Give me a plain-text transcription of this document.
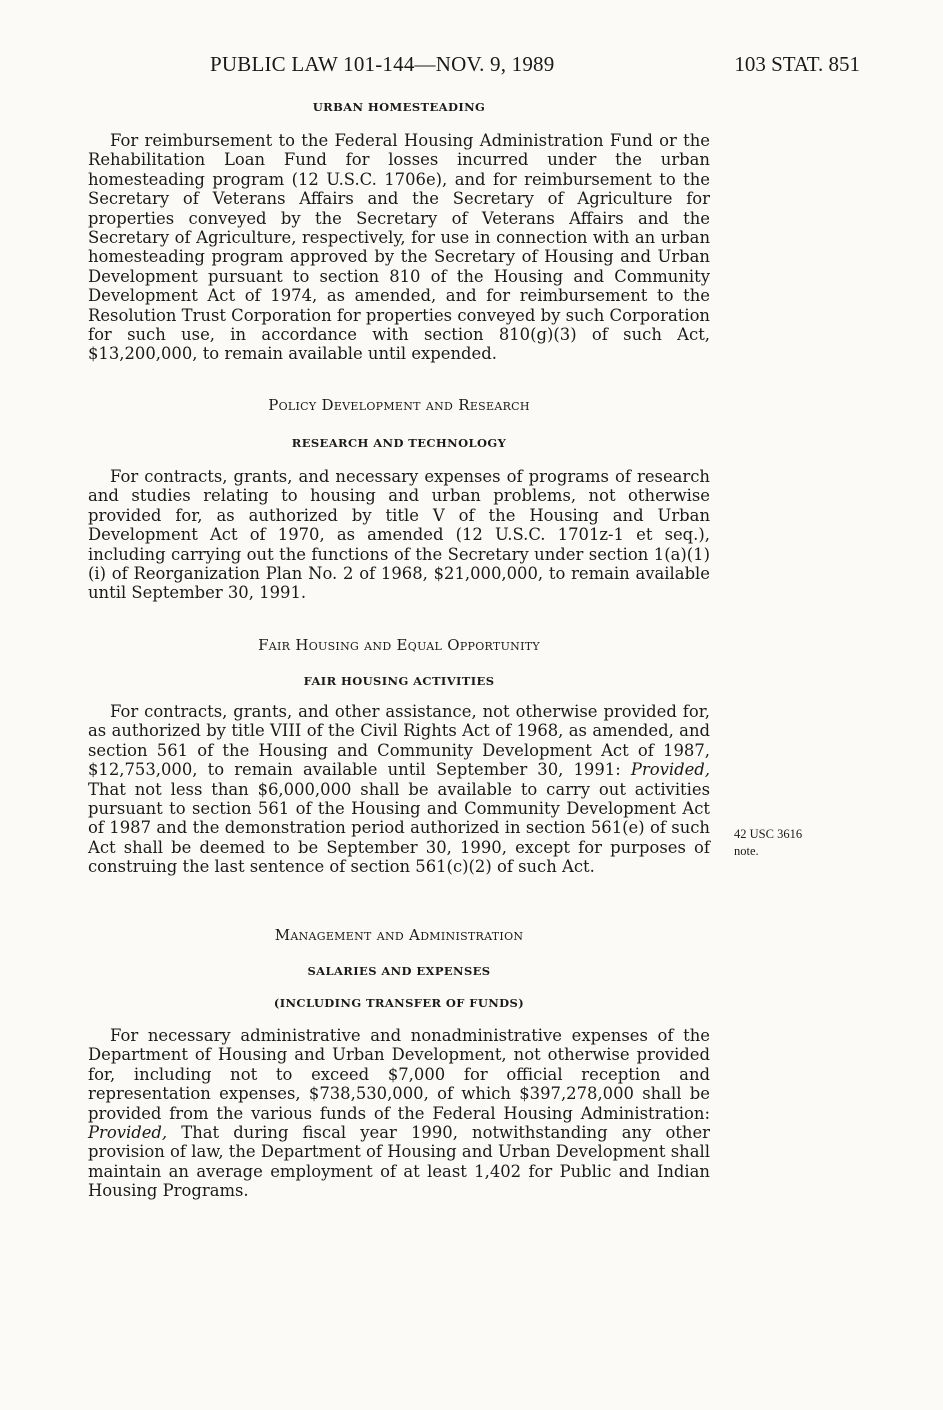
PUBLIC LAW 101-144—NOV. 9, 1989	103 STAT. 851
URBAN HOMESTEADING

For reimbursement to the Federal Housing Administration Fund or the Rehabilitation Loan Fund for losses incurred under the urban homesteading program (12 U.S.C. 1706e), and for reimbursement to the Secretary of Veterans Affairs and the Secretary of Agriculture for properties conveyed by the Secretary of Veterans Affairs and the Secretary of Agriculture, respectively, for use in connection with an urban homesteading program approved by the Secretary of Housing and Urban Development pursuant to section 810 of the Housing and Community Development Act of 1974, as amended, and for reimbursement to the Resolution Trust Corporation for properties conveyed by such Corporation for such use, in accordance with section 810(g)(3) of such Act, $13,200,000, to remain available until expended.

Policy Development and Research
RESEARCH AND TECHNOLOGY

For contracts, grants, and necessary expenses of programs of research and studies relating to housing and urban problems, not otherwise provided for, as authorized by title V of the Housing and Urban Development Act of 1970, as amended (12 U.S.C. 1701z-1 et seq.), including carrying out the functions of the Secretary under section 1(a)(1)(i) of Reorganization Plan No. 2 of 1968, $21,000,000, to remain available until September 30, 1991.

Fair Housing and Equal Opportunity
FAIR HOUSING ACTIVITIES

For contracts, grants, and other assistance, not otherwise provided for, as authorized by title VIII of the Civil Rights Act of 1968, as amended, and section 561 of the Housing and Community Development Act of 1987, $12,753,000, to remain available until September 30, 1991: Provided, That not less than $6,000,000 shall be available to carry out activities pursuant to section 561 of the Housing and Community Development Act of 1987 and the demonstration period authorized in section 561(e) of such Act shall be deemed to be September 30, 1990, except for purposes of construing the last sentence of section 561(c)(2) of such Act.

42 USC 3616
note.
Management and Administration
SALARIES AND EXPENSES
(INCLUDING TRANSFER OF FUNDS)

For necessary administrative and nonadministrative expenses of the Department of Housing and Urban Development, not otherwise provided for, including not to exceed $7,000 for official reception and representation expenses, $738,530,000, of which $397,278,000 shall be provided from the various funds of the Federal Housing Administration: Provided, That during fiscal year 1990, notwithstanding any other provision of law, the Department of Housing and Urban Development shall maintain an average employment of at least 1,402 for Public and Indian Housing Programs.
